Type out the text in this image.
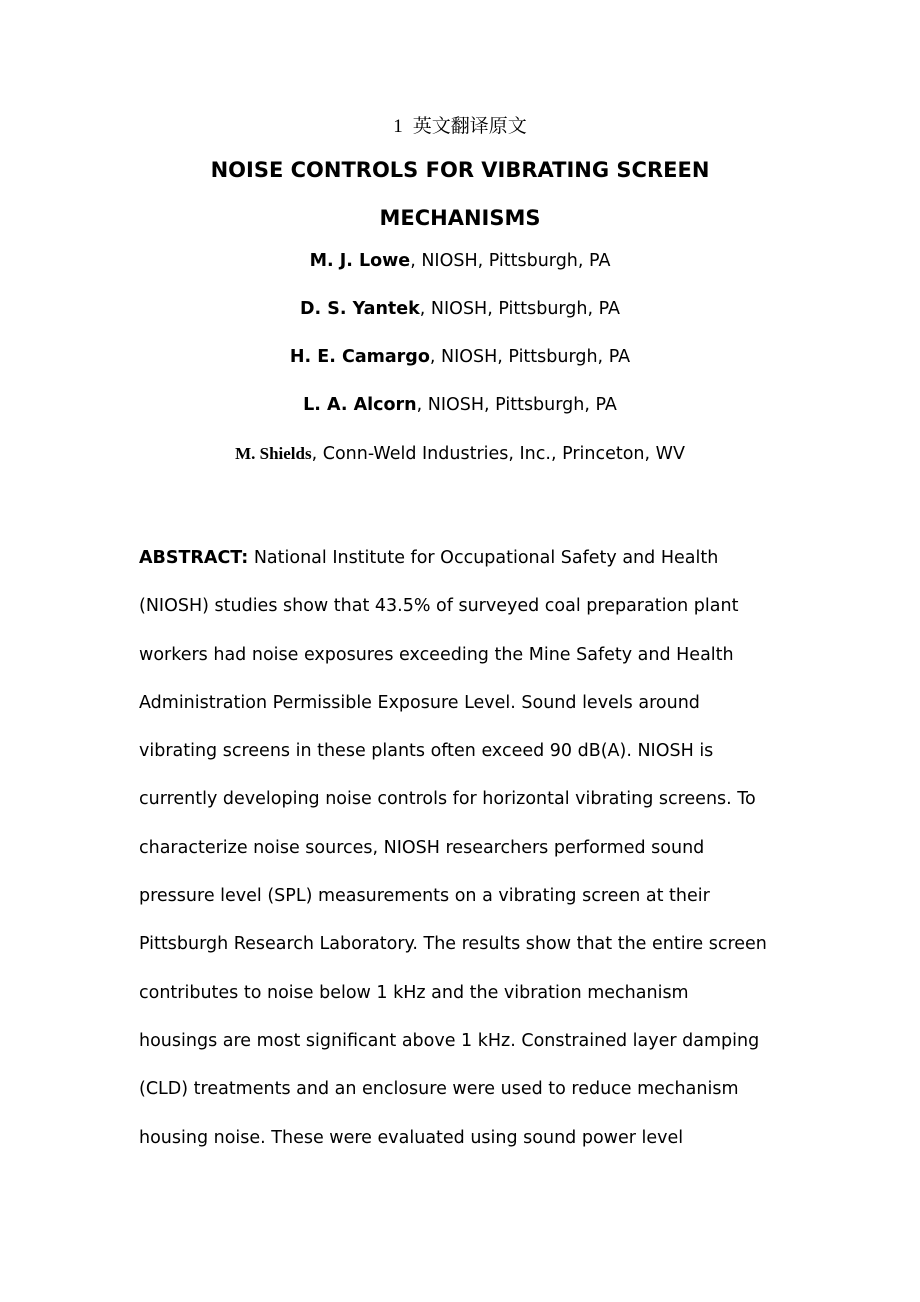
1 英文翻译原文
NOISE CONTROLS FOR VIBRATING SCREEN
MECHANISMS
M. J. Lowe, NIOSH, Pittsburgh, PA
D. S. Yantek, NIOSH, Pittsburgh, PA
H. E. Camargo, NIOSH, Pittsburgh, PA
L. A. Alcorn, NIOSH, Pittsburgh, PA
M. Shields, Conn-Weld Industries, Inc., Princeton, WV
ABSTRACT: National Institute for Occupational Safety and Health
(NIOSH) studies show that 43.5% of surveyed coal preparation plant
workers had noise exposures exceeding the Mine Safety and Health
Administration Permissible Exposure Level. Sound levels around
vibrating screens in these plants often exceed 90 dB(A). NIOSH is
currently developing noise controls for horizontal vibrating screens. To
characterize noise sources, NIOSH researchers performed sound
pressure level (SPL) measurements on a vibrating screen at their
Pittsburgh Research Laboratory. The results show that the entire screen
contributes to noise below 1 kHz and the vibration mechanism
housings are most significant above 1 kHz. Constrained layer damping
(CLD) treatments and an enclosure were used to reduce mechanism
housing noise. These were evaluated using sound power level
